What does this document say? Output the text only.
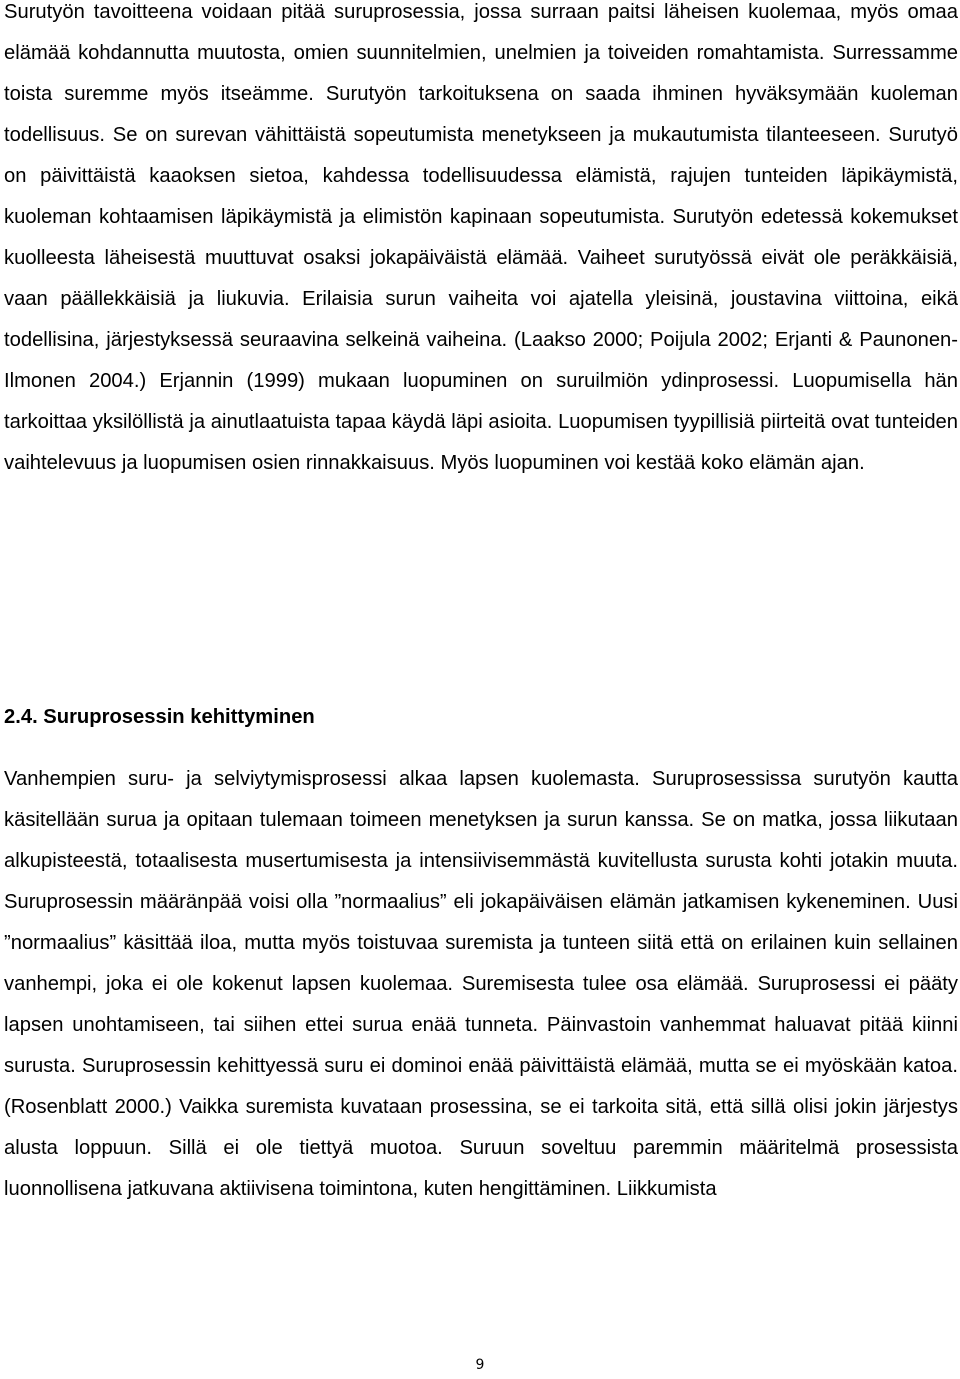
Surutyön tavoitteena voidaan pitää suruprosessia, jossa surraan paitsi läheisen kuolemaa, myös omaa elämää kohdannutta muutosta, omien suunnitelmien, unelmien ja toiveiden romahtamista. Surressamme toista suremme myös itseämme. Surutyön tarkoituksena on saada ihminen hyväksymään kuoleman todellisuus. Se on surevan vähittäistä sopeutumista menetykseen ja mukautumista tilanteeseen. Surutyö on päivittäistä kaaoksen sietoa, kahdessa todellisuudessa elämistä, rajujen tunteiden läpikäymistä, kuoleman kohtaamisen läpikäymistä ja elimistön kapinaan sopeutumista. Surutyön edetessä kokemukset kuolleesta läheisestä muuttuvat osaksi jokapäiväistä elämää. Vaiheet surutyössä eivät ole peräkkäisiä, vaan päällekkäisiä ja liukuvia. Erilaisia surun vaiheita voi ajatella yleisinä, joustavina viittoina, eikä todellisina, järjestyksessä seuraavina selkeinä vaiheina. (Laakso 2000; Poijula 2002; Erjanti & Paunonen-Ilmonen 2004.) Erjannin (1999) mukaan luopuminen on suruilmiön ydinprosessi. Luopumisella hän tarkoittaa yksilöllistä ja ainutlaatuista tapaa käydä läpi asioita. Luopumisen tyypillisiä piirteitä ovat tunteiden vaihtelevuus ja luopumisen osien rinnakkaisuus. Myös luopuminen voi kestää koko elämän ajan.

2.4. Suruprosessin kehittyminen

Vanhempien suru- ja selviytymisprosessi alkaa lapsen kuolemasta. Suruprosessissa surutyön kautta käsitellään surua ja opitaan tulemaan toimeen menetyksen ja surun kanssa. Se on matka, jossa liikutaan alkupisteestä, totaalisesta musertumisesta ja intensiivisemmästä kuvitellusta surusta kohti jotakin muuta. Suruprosessin määränpää voisi olla ”normaalius” eli jokapäiväisen elämän jatkamisen kykeneminen. Uusi ”normaalius” käsittää iloa, mutta myös toistuvaa suremista ja tunteen siitä että on erilainen kuin sellainen vanhempi, joka ei ole kokenut lapsen kuolemaa. Suremisesta tulee osa elämää. Suruprosessi ei pääty lapsen unohtamiseen, tai siihen ettei surua enää tunneta. Päinvastoin vanhemmat haluavat pitää kiinni surusta. Suruprosessin kehittyessä suru ei dominoi enää päivittäistä elämää, mutta se ei myöskään katoa. (Rosenblatt 2000.) Vaikka suremista kuvataan prosessina, se ei tarkoita sitä, että sillä olisi jokin järjestys alusta loppuun. Sillä ei ole tiettyä muotoa. Suruun soveltuu paremmin määritelmä prosessista luonnollisena jatkuvana aktiivisena toimintona, kuten hengittäminen. Liikkumista

9
